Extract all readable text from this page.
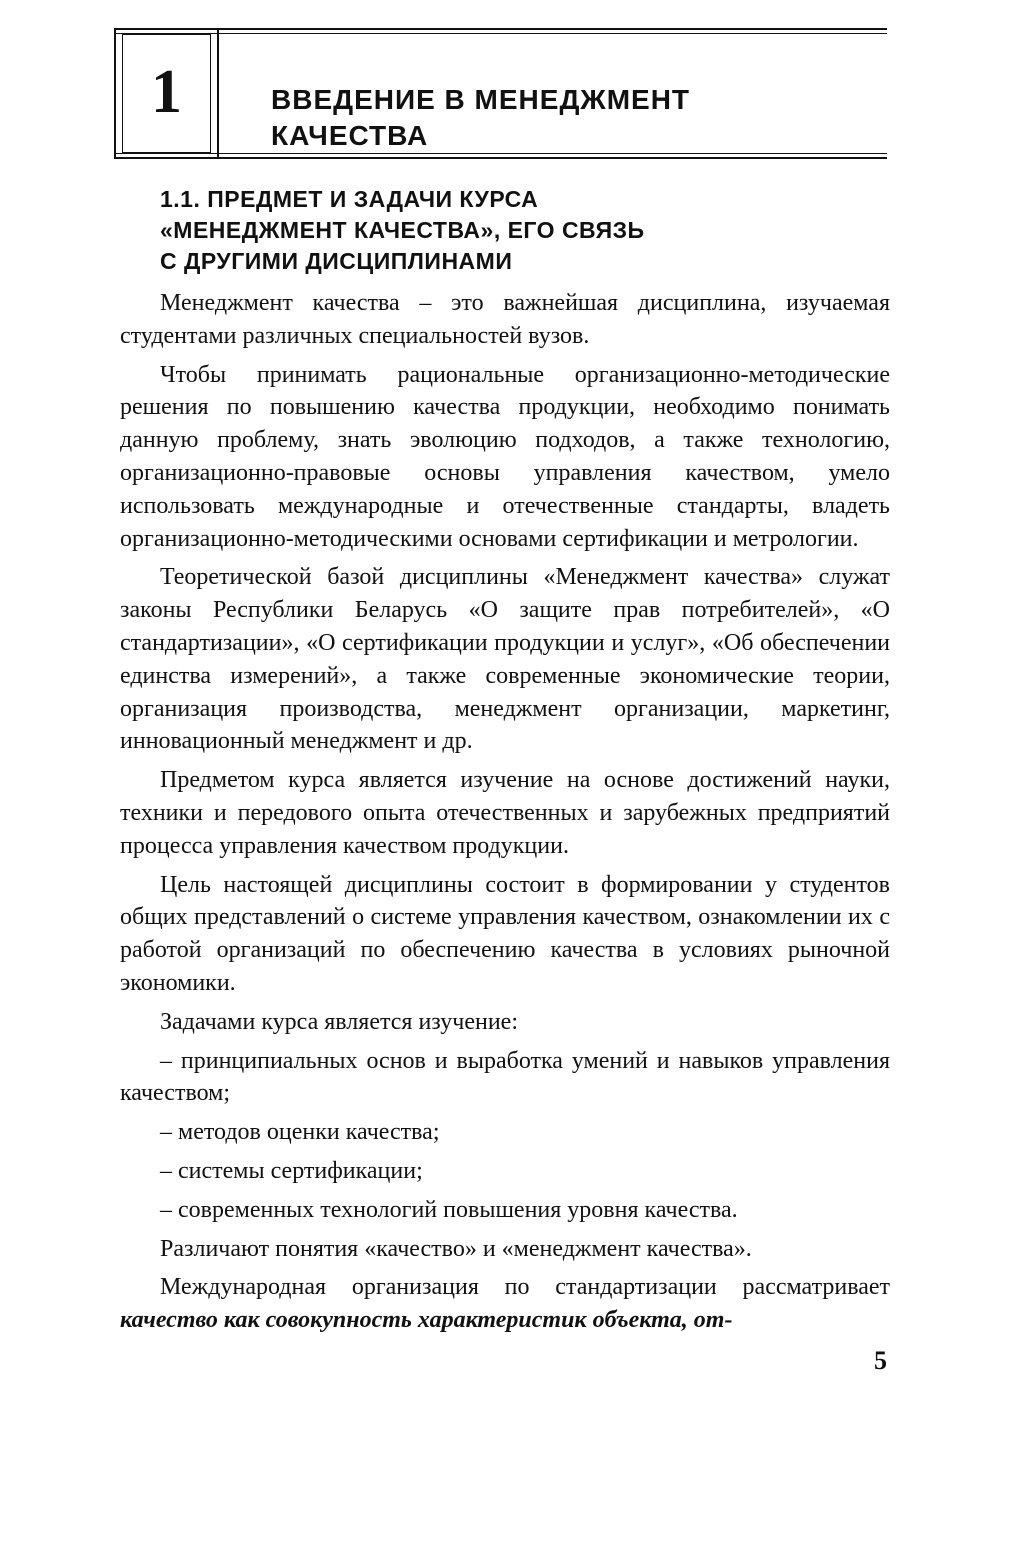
1	ВВЕДЕНИЕ В МЕНЕДЖМЕНТ
КАЧЕСТВА
1.1. ПРЕДМЕТ И ЗАДАЧИ КУРСА
«МЕНЕДЖМЕНТ КАЧЕСТВА», ЕГО СВЯЗЬ
С ДРУГИМИ ДИСЦИПЛИНАМИ

Менеджмент качества – это важнейшая дисциплина, изучаемая студентами различных специальностей вузов.

Чтобы принимать рациональные организационно-методические решения по повышению качества продукции, необходимо понимать данную проблему, знать эволюцию подходов, а также технологию, организационно-правовые основы управления качеством, умело использовать международные и отечественные стандарты, владеть организационно-методическими основами сертификации и метрологии.

Теоретической базой дисциплины «Менеджмент качества» служат законы Республики Беларусь «О защите прав потребителей», «О стандартизации», «О сертификации продукции и услуг», «Об обеспечении единства измерений», а также современные экономические теории, организация производства, менеджмент организации, маркетинг, инновационный менеджмент и др.

Предметом курса является изучение на основе достижений науки, техники и передового опыта отечественных и зарубежных предприятий процесса управления качеством продукции.

Цель настоящей дисциплины состоит в формировании у студентов общих представлений о системе управления качеством, ознакомлении их с работой организаций по обеспечению качества в условиях рыночной экономики.

Задачами курса является изучение:

– принципиальных основ и выработка умений и навыков управления качеством;

– методов оценки качества;

– системы сертификации;

– современных технологий повышения уровня качества.

Различают понятия «качество» и «менеджмент качества».

Международная организация по стандартизации рассматривает качество как совокупность характеристик объекта, от-

5
